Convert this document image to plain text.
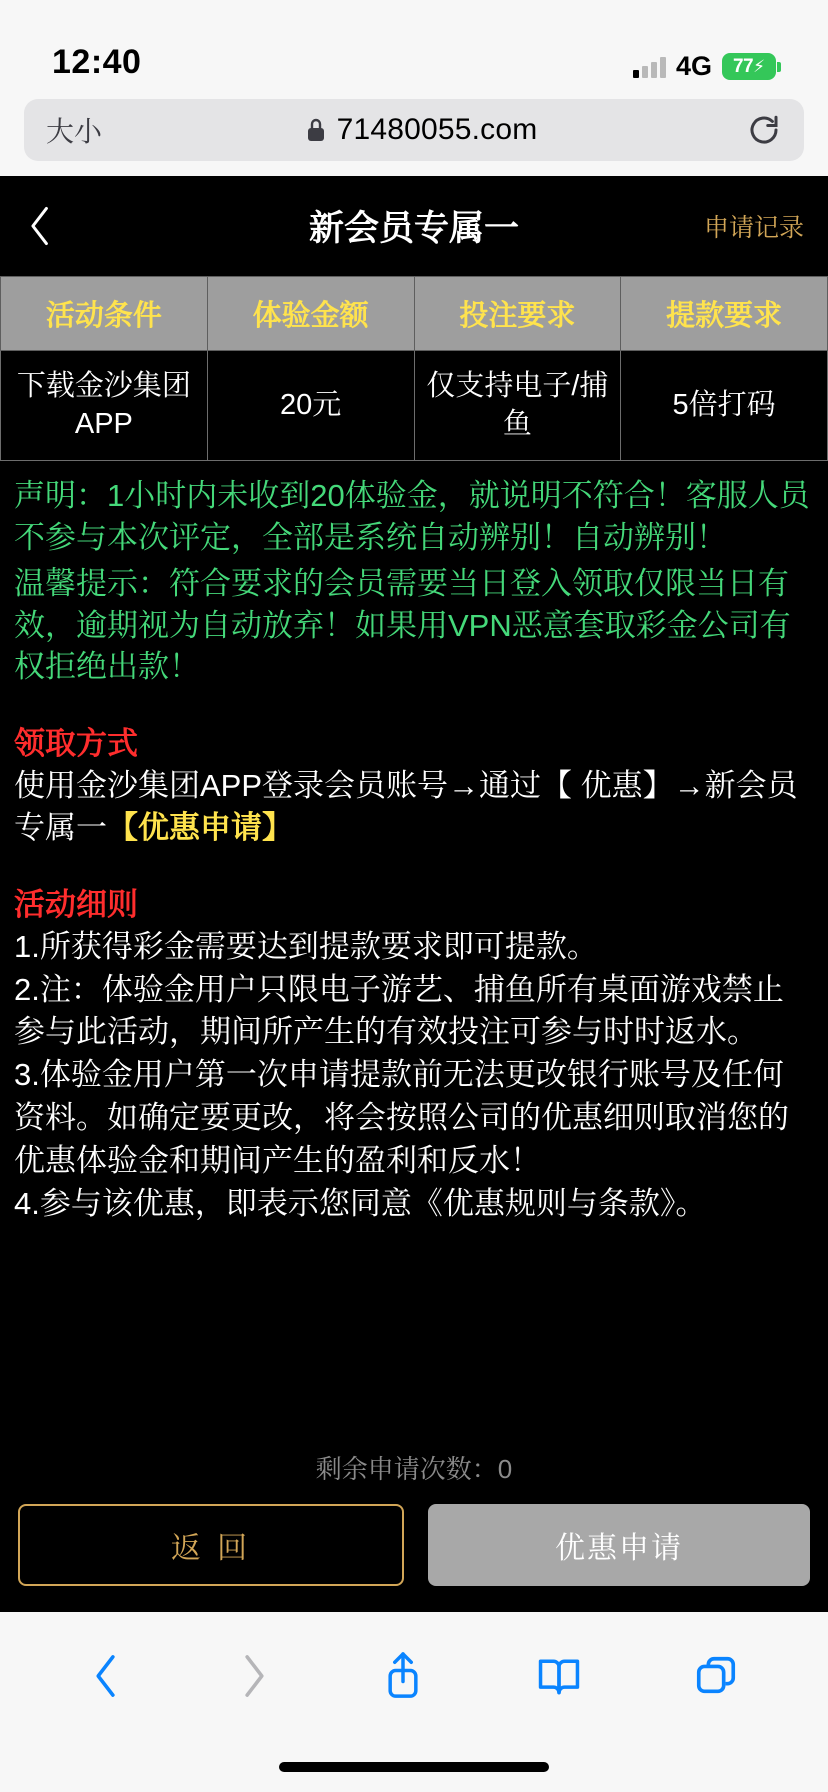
12:40	4G 77 ⚡
大小	71480055.com
新会员专属一	申请记录
活动条件	体验金额	投注要求	提款要求
下载金沙集团APP	20元	仅支持电子/捕鱼	5倍打码
声明：1小时内未收到20体验金，就说明不符合！客服人员不参与本次评定，全部是系统自动辨别！自动辨别！
温馨提示：符合要求的会员需要当日登入领取仅限当日有效，逾期视为自动放弃！如果用VPN恶意套取彩金公司有权拒绝出款！
领取方式
使用金沙集团APP登录会员账号→通过【 优惠】→新会员专属一【优惠申请】
活动细则

1.所获得彩金需要达到提款要求即可提款。

2.注：体验金用户只限电子游艺、捕鱼所有桌面游戏禁止参与此活动，期间所产生的有效投注可参与时时返水。

3.体验金用户第一次申请提款前无法更改银行账号及任何资料。如确定要更改，将会按照公司的优惠细则取消您的优惠体验金和期间产生的盈利和反水！

4.参与该优惠，即表示您同意《优惠规则与条款》。

剩余申请次数：0
返 回	优惠申请
